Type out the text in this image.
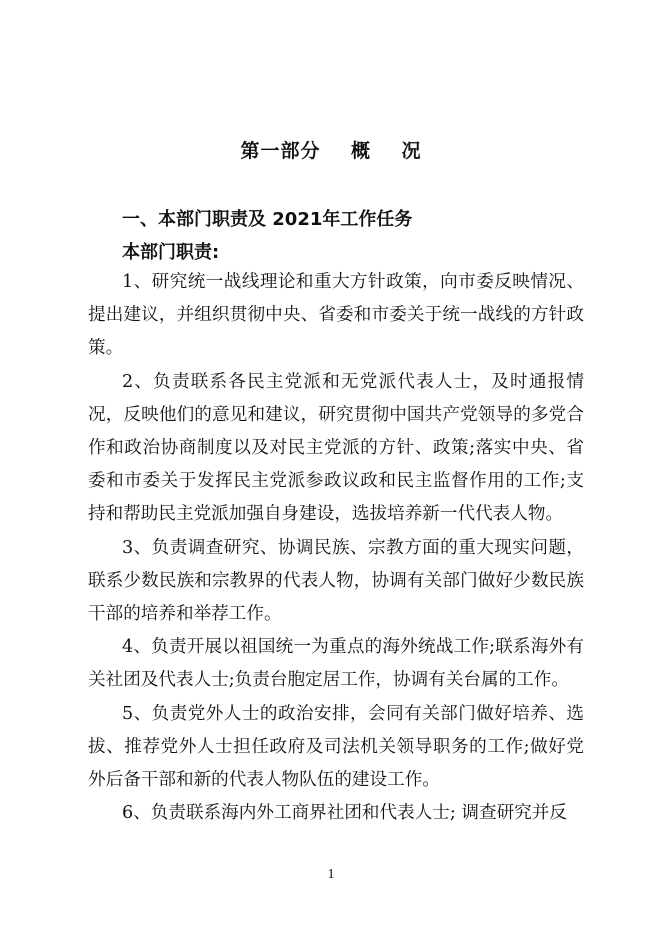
第一部分    概    况
一、本部门职责及 2021年工作任务
本部门职责:

1、研究统一战线理论和重大方针政策，向市委反映情况、提出建议，并组织贯彻中央、省委和市委关于统一战线的方针政策。

2、负责联系各民主党派和无党派代表人士，及时通报情况，反映他们的意见和建议，研究贯彻中国共产党领导的多党合作和政治协商制度以及对民主党派的方针、政策;落实中央、省委和市委关于发挥民主党派参政议政和民主监督作用的工作;支持和帮助民主党派加强自身建设，选拔培养新一代代表人物。

3、负责调查研究、协调民族、宗教方面的重大现实问题，联系少数民族和宗教界的代表人物，协调有关部门做好少数民族干部的培养和举荐工作。

4、负责开展以祖国统一为重点的海外统战工作;联系海外有关社团及代表人士;负责台胞定居工作，协调有关台属的工作。

5、负责党外人士的政治安排，会同有关部门做好培养、选拔、推荐党外人士担任政府及司法机关领导职务的工作;做好党外后备干部和新的代表人物队伍的建设工作。

6、负责联系海内外工商界社团和代表人士; 调查研究并反

1
